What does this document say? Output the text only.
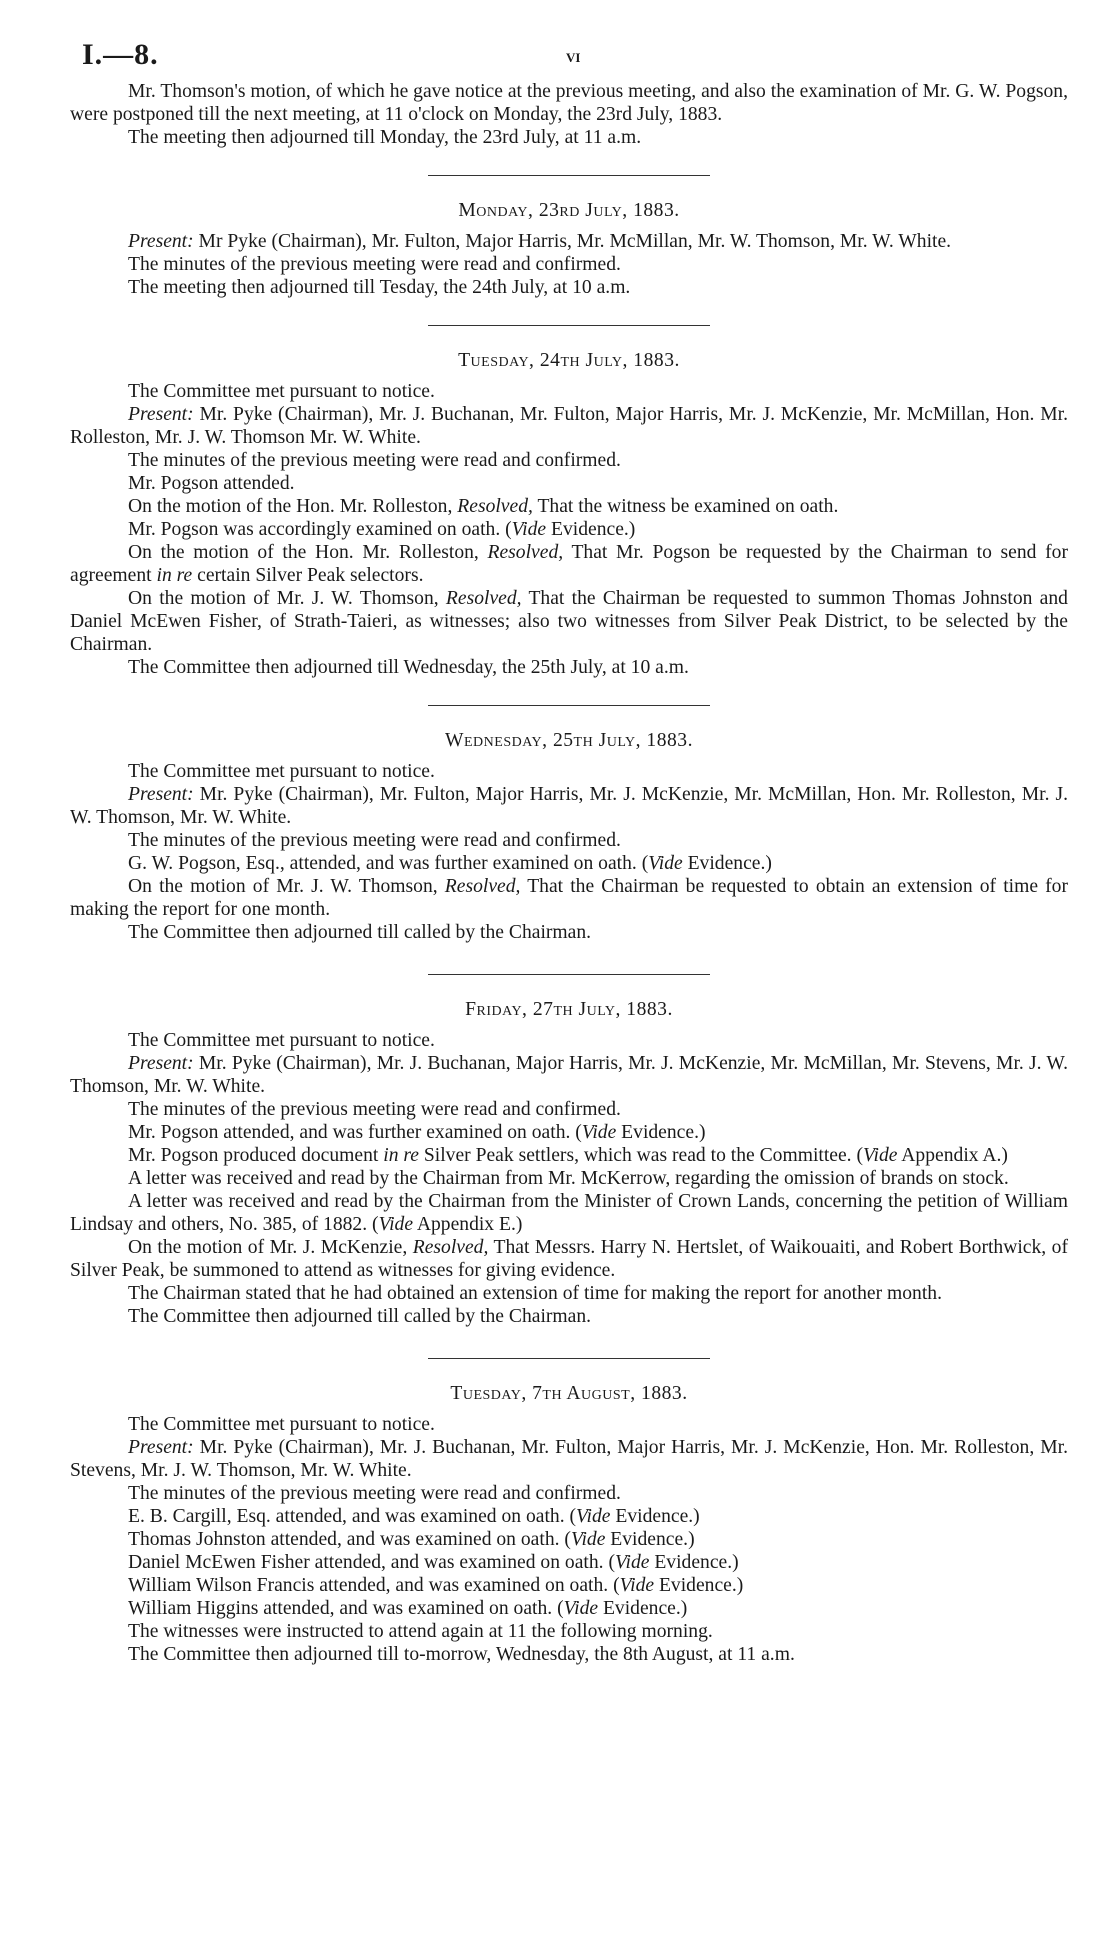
I.—8.	vi

Mr. Thomson's motion, of which he gave notice at the previous meeting, and also the examination of Mr. G. W. Pogson, were postponed till the next meeting, at 11 o'clock on Monday, the 23rd July, 1883.

The meeting then adjourned till Monday, the 23rd July, at 11 a.m.

Monday, 23rd July, 1883.

Present: Mr Pyke (Chairman), Mr. Fulton, Major Harris, Mr. McMillan, Mr. W. Thomson, Mr. W. White.

The minutes of the previous meeting were read and confirmed.

The meeting then adjourned till Tesday, the 24th July, at 10 a.m.

Tuesday, 24th July, 1883.

The Committee met pursuant to notice.

Present: Mr. Pyke (Chairman), Mr. J. Buchanan, Mr. Fulton, Major Harris, Mr. J. McKenzie, Mr. McMillan, Hon. Mr. Rolleston, Mr. J. W. Thomson Mr. W. White.

The minutes of the previous meeting were read and confirmed.

Mr. Pogson attended.

On the motion of the Hon. Mr. Rolleston, Resolved, That the witness be examined on oath.

Mr. Pogson was accordingly examined on oath. (Vide Evidence.)

On the motion of the Hon. Mr. Rolleston, Resolved, That Mr. Pogson be requested by the Chairman to send for agreement in re certain Silver Peak selectors.

On the motion of Mr. J. W. Thomson, Resolved, That the Chairman be requested to summon Thomas Johnston and Daniel McEwen Fisher, of Strath-Taieri, as witnesses; also two witnesses from Silver Peak District, to be selected by the Chairman.

The Committee then adjourned till Wednesday, the 25th July, at 10 a.m.

Wednesday, 25th July, 1883.

The Committee met pursuant to notice.

Present: Mr. Pyke (Chairman), Mr. Fulton, Major Harris, Mr. J. McKenzie, Mr. McMillan, Hon. Mr. Rolleston, Mr. J. W. Thomson, Mr. W. White.

The minutes of the previous meeting were read and confirmed.

G. W. Pogson, Esq., attended, and was further examined on oath. (Vide Evidence.)

On the motion of Mr. J. W. Thomson, Resolved, That the Chairman be requested to obtain an extension of time for making the report for one month.

The Committee then adjourned till called by the Chairman.

Friday, 27th July, 1883.

The Committee met pursuant to notice.

Present: Mr. Pyke (Chairman), Mr. J. Buchanan, Major Harris, Mr. J. McKenzie, Mr. McMillan, Mr. Stevens, Mr. J. W. Thomson, Mr. W. White.

The minutes of the previous meeting were read and confirmed.

Mr. Pogson attended, and was further examined on oath. (Vide Evidence.)

Mr. Pogson produced document in re Silver Peak settlers, which was read to the Committee. (Vide Appendix A.)

A letter was received and read by the Chairman from Mr. McKerrow, regarding the omission of brands on stock.

A letter was received and read by the Chairman from the Minister of Crown Lands, concerning the petition of William Lindsay and others, No. 385, of 1882. (Vide Appendix E.)

On the motion of Mr. J. McKenzie, Resolved, That Messrs. Harry N. Hertslet, of Waikouaiti, and Robert Borthwick, of Silver Peak, be summoned to attend as witnesses for giving evidence.

The Chairman stated that he had obtained an extension of time for making the report for another month.

The Committee then adjourned till called by the Chairman.

Tuesday, 7th August, 1883.

The Committee met pursuant to notice.

Present: Mr. Pyke (Chairman), Mr. J. Buchanan, Mr. Fulton, Major Harris, Mr. J. McKenzie, Hon. Mr. Rolleston, Mr. Stevens, Mr. J. W. Thomson, Mr. W. White.

The minutes of the previous meeting were read and confirmed.

E. B. Cargill, Esq. attended, and was examined on oath. (Vide Evidence.)

Thomas Johnston attended, and was examined on oath. (Vide Evidence.)

Daniel McEwen Fisher attended, and was examined on oath. (Vide Evidence.)

William Wilson Francis attended, and was examined on oath. (Vide Evidence.)

William Higgins attended, and was examined on oath. (Vide Evidence.)

The witnesses were instructed to attend again at 11 the following morning.

The Committee then adjourned till to-morrow, Wednesday, the 8th August, at 11 a.m.
